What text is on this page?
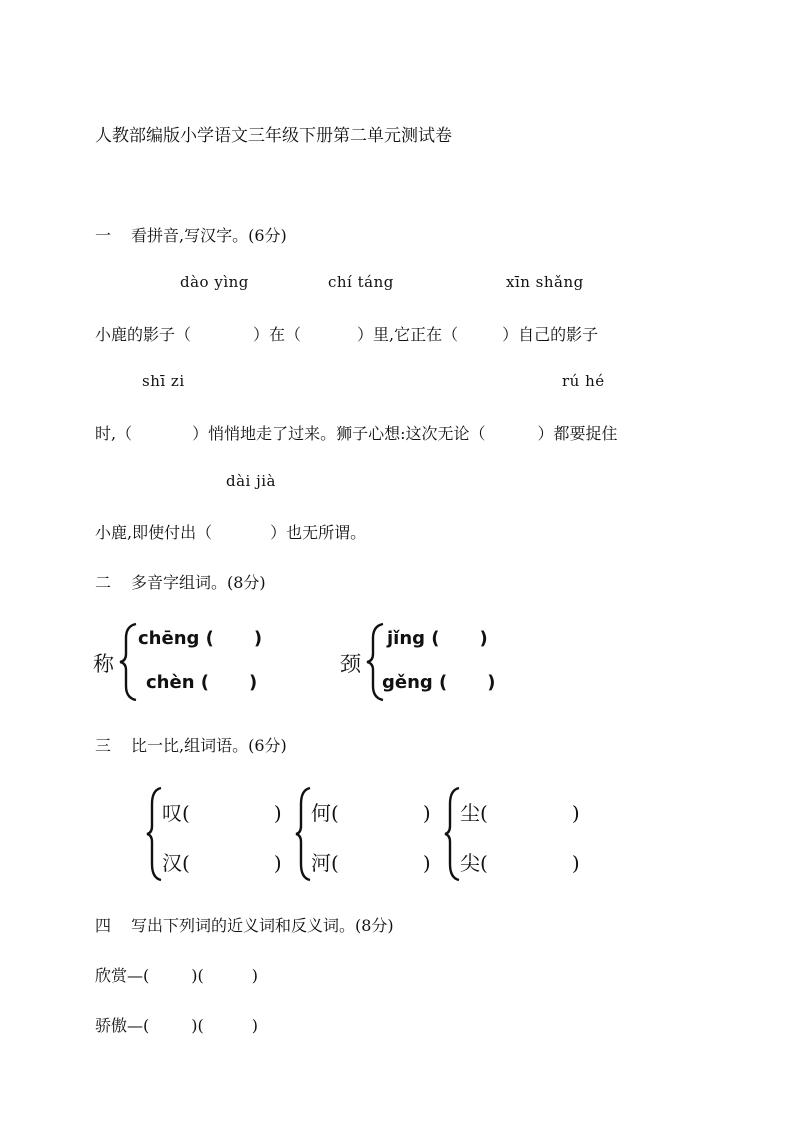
人教部编版小学语文三年级下册第二单元测试卷
一 看拼音,写汉字。(6分)
dào yìng	chí táng	xīn shǎng
小鹿的影子（	）在（	）里,它正在（	）自己的影子
shī zi	rú hé
时,（	）悄悄地走了过来。狮子心想:这次无论（	）都要捉住
dài jià
小鹿,即使付出（	）也无所谓。
二 多音字组词。(8分)
称
chēng ( )
chèn ( )
颈
jǐng ( )
gěng ( )
三 比一比,组词语。(6分)
叹(	)
汉(	)
何(	)
河(	)
尘(	)
尖(	)
四 写出下列词的近义词和反义词。(8分)
欣赏—(	)(	)
骄傲—(	)(	)
